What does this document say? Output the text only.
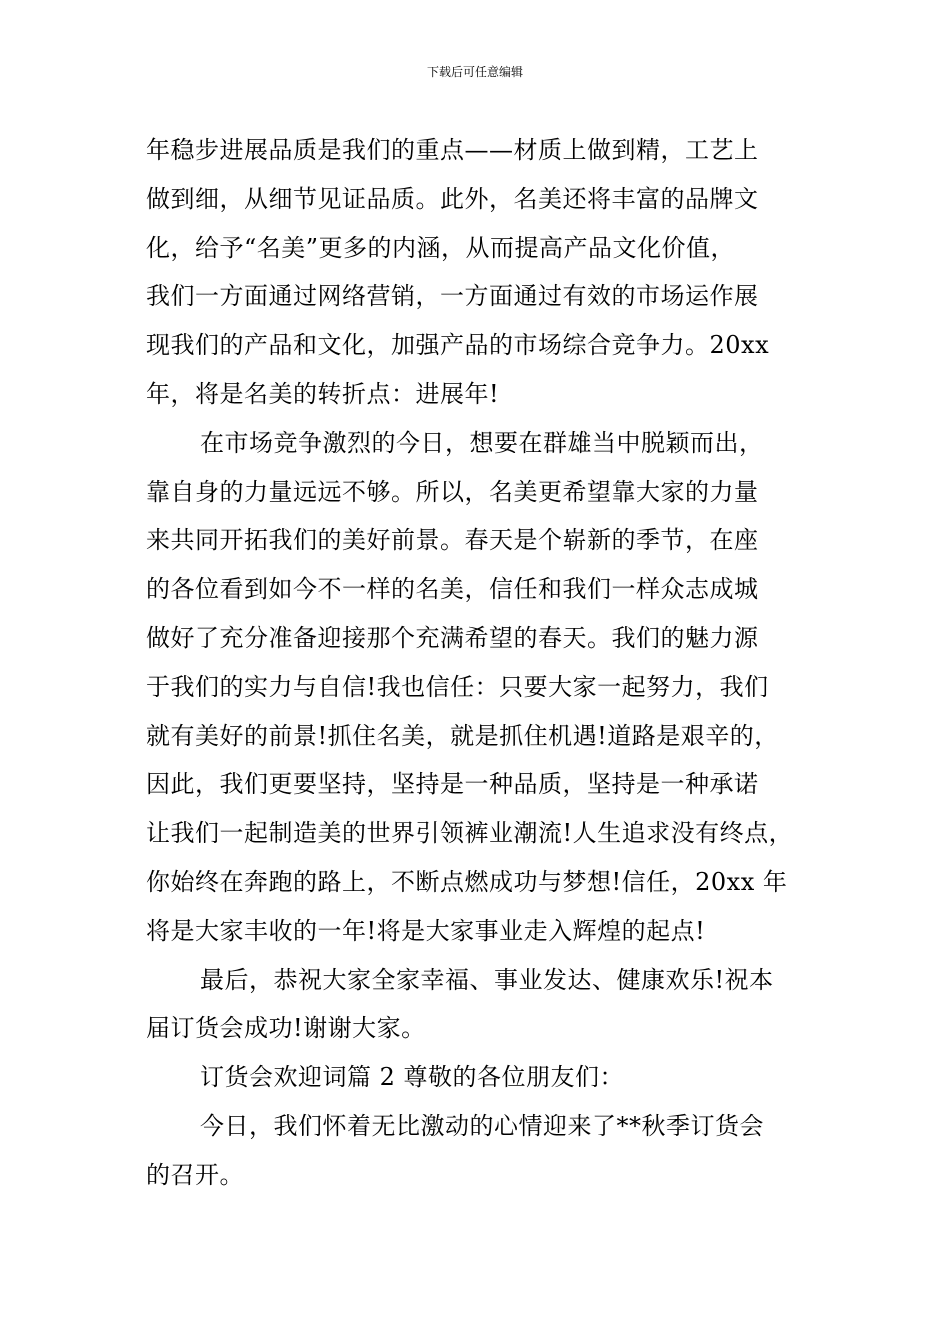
下载后可任意编辑
年稳步进展品质是我们的重点——材质上做到精，工艺上
做到细，从细节见证品质。此外，名美还将丰富的品牌文
化，给予“名美”更多的内涵，从而提高产品文化价值，
我们一方面通过网络营销，一方面通过有效的市场运作展
现我们的产品和文化，加强产品的市场综合竞争力。20xx
年，将是名美的转折点：进展年!
在市场竞争激烈的今日，想要在群雄当中脱颖而出，
靠自身的力量远远不够。所以，名美更希望靠大家的力量
来共同开拓我们的美好前景。春天是个崭新的季节，在座
的各位看到如今不一样的名美，信任和我们一样众志成城
做好了充分准备迎接那个充满希望的春天。我们的魅力源
于我们的实力与自信!我也信任：只要大家一起努力，我们
就有美好的前景!抓住名美，就是抓住机遇!道路是艰辛的，
因此，我们更要坚持，坚持是一种品质，坚持是一种承诺
让我们一起制造美的世界引领裤业潮流!人生追求没有终点，
你始终在奔跑的路上，不断点燃成功与梦想!信任，20xx 年
将是大家丰收的一年!将是大家事业走入辉煌的起点!
最后，恭祝大家全家幸福、事业发达、健康欢乐!祝本
届订货会成功!谢谢大家。
订货会欢迎词篇 2 尊敬的各位朋友们：
今日，我们怀着无比激动的心情迎来了**秋季订货会
的召开。
